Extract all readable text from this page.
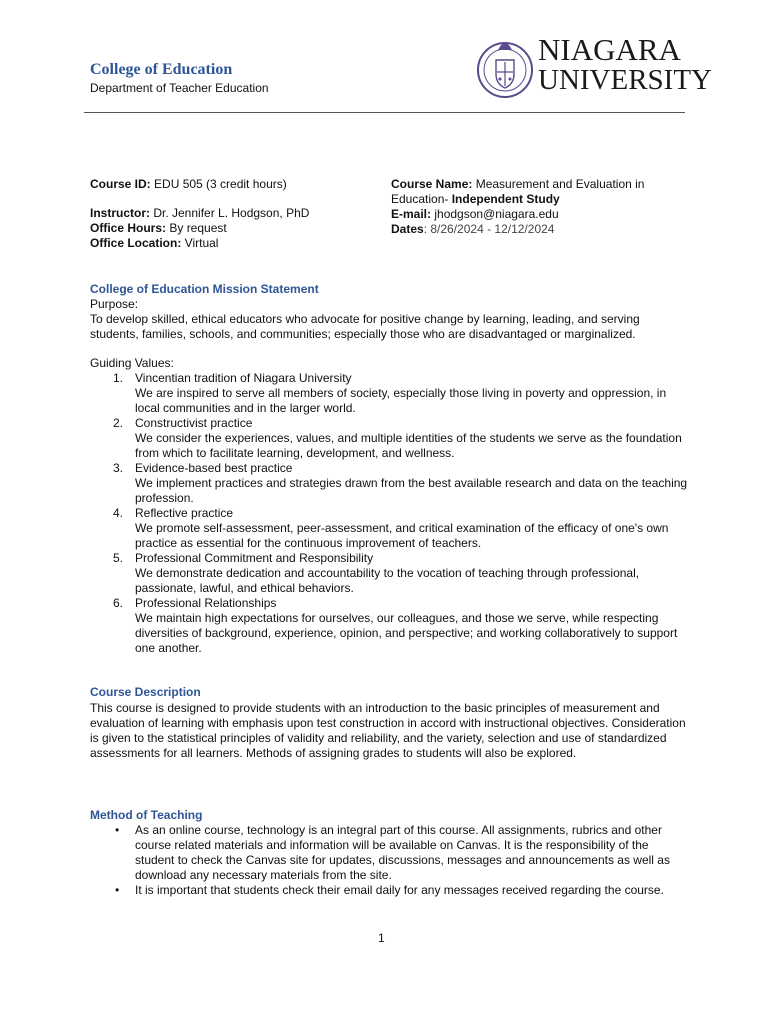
College of Education
Department of Teacher Education
NIAGARA
UNIVERSITY
Course ID: EDU 505 (3 credit hours)
Instructor: Dr. Jennifer L. Hodgson, PhD
Office Hours: By request
Office Location: Virtual
Course Name: Measurement and Evaluation in
Education- Independent Study
E-mail: jhodgson@niagara.edu
Dates: 8/26/2024 - 12/12/2024
College of Education Mission Statement
Purpose:
To develop skilled, ethical educators who advocate for positive change by learning, leading, and serving students, families, schools, and communities; especially those who are disadvantaged or marginalized.
Guiding Values:
1. Vincentian tradition of Niagara University
We are inspired to serve all members of society, especially those living in poverty and oppression, in local communities and in the larger world.
2. Constructivist practice
We consider the experiences, values, and multiple identities of the students we serve as the foundation from which to facilitate learning, development, and wellness.
3. Evidence-based best practice
We implement practices and strategies drawn from the best available research and data on the teaching profession.
4. Reflective practice
We promote self-assessment, peer-assessment, and critical examination of the efficacy of one's own practice as essential for the continuous improvement of teachers.
5. Professional Commitment and Responsibility
We demonstrate dedication and accountability to the vocation of teaching through professional, passionate, lawful, and ethical behaviors.
6. Professional Relationships
We maintain high expectations for ourselves, our colleagues, and those we serve, while respecting diversities of background, experience, opinion, and perspective; and working collaboratively to support one another.
Course Description
This course is designed to provide students with an introduction to the basic principles of measurement and evaluation of learning with emphasis upon test construction in accord with instructional objectives. Consideration is given to the statistical principles of validity and reliability, and the variety, selection and use of standardized assessments for all learners. Methods of assigning grades to students will also be explored.
Method of Teaching
• As an online course, technology is an integral part of this course. All assignments, rubrics and other course related materials and information will be available on Canvas. It is the responsibility of the student to check the Canvas site for updates, discussions, messages and announcements as well as download any necessary materials from the site.
• It is important that students check their email daily for any messages received regarding the course.
1
